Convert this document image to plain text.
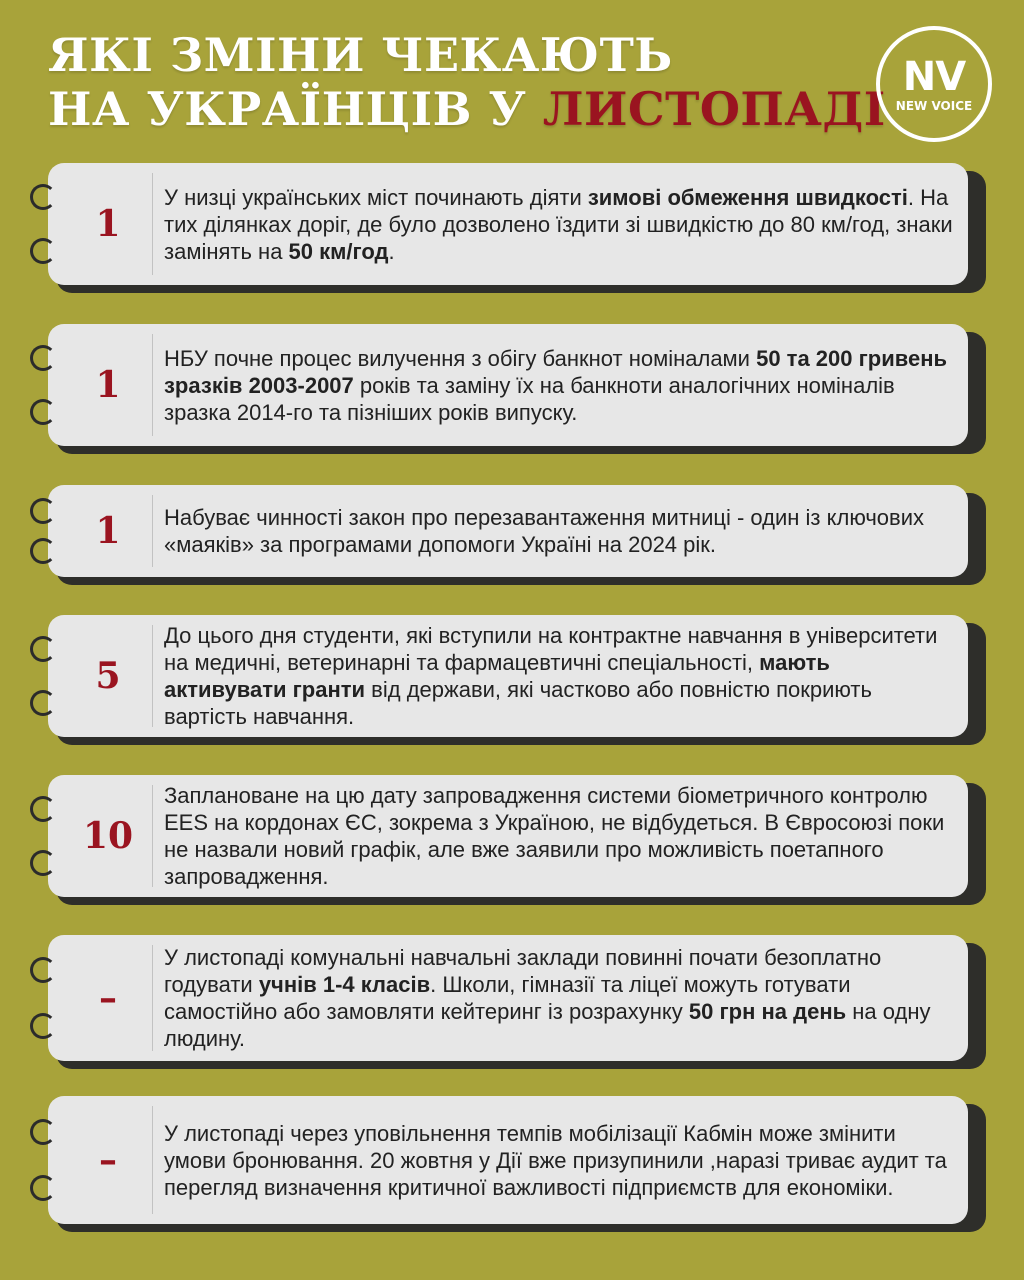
ЯКІ ЗМІНИ ЧЕКАЮТЬ
НА УКРАЇНЦІВ У ЛИСТОПАДІ
NV
NEW VOICE
1
У низці українських міст починають діяти зимові обмеження швидкості. На тих ділянках доріг, де було дозволено їздити зі швидкістю до 80 км/год, знаки замінять на 50 км/год.
1
НБУ почне процес вилучення з обігу банкнот номіналами 50 та 200 гривень зразків 2003-2007 років та заміну їх на банкноти аналогічних номіналів зразка 2014-го та пізніших років випуску.
1	Набуває чинності закон про перезавантаження митниці - один із ключових «маяків» за програмами допомоги Україні на 2024 рік.
5
До цього дня студенти, які вступили на контрактне навчання в університети на медичні, ветеринарні та фармацевтичні спеціальності, мають активувати гранти від держави, які частково або повністю покриють вартість навчання.
10
Заплановане на цю дату запровадження системи біометричного контролю EES на кордонах ЄС, зокрема з Україною, не відбудеться. В Євросоюзі поки не назвали новий графік, але вже заявили про можливість поетапного запровадження.
–
У листопаді комунальні навчальні заклади повинні почати безоплатно годувати учнів 1-4 класів. Школи, гімназії та ліцеї можуть готувати самостійно або замовляти кейтеринг із розрахунку 50 грн на день на одну людину.
–
У листопаді через уповільнення темпів мобілізації Кабмін може змінити умови бронювання. 20 жовтня у Дії вже призупинили ,наразі триває аудит та перегляд визначення критичної важливості підприємств для економіки.
